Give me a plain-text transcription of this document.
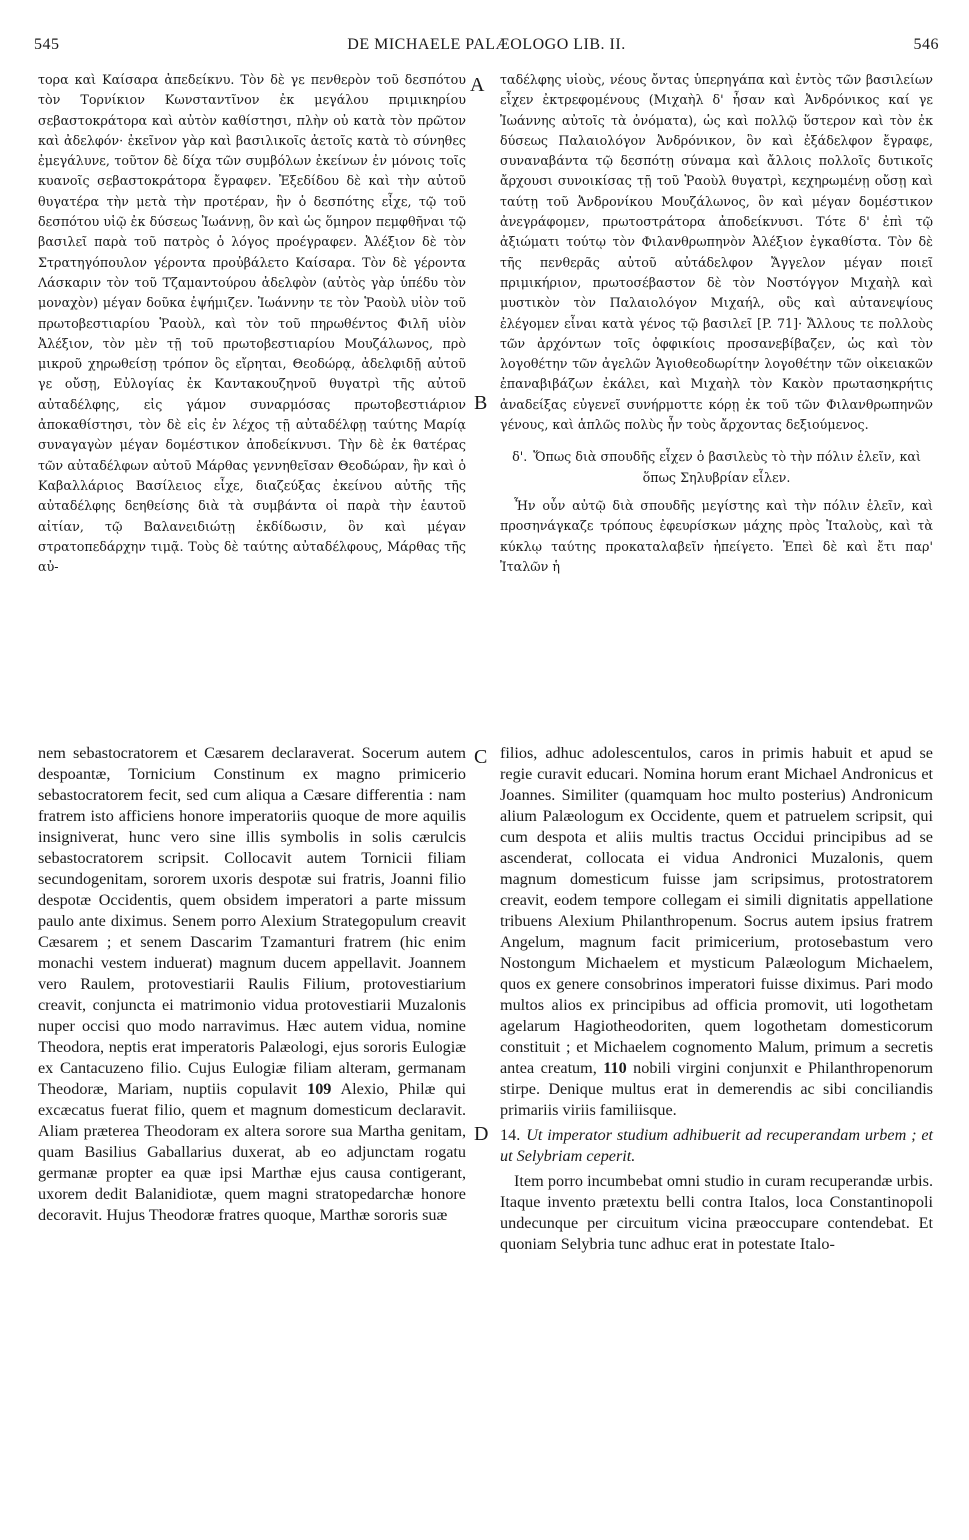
545	DE MICHAELE PALÆOLOGO LIB. II.	546
A
B
C
D

τορα καὶ Καίσαρα ἀπεδείκνυ. Τὸν δὲ γε πενθερὸν τοῦ δεσπότου τὸν Τορνίκιον Κωνσταντῖνον ἐκ μεγάλου πριμικηρίου σεβαστοκράτορα καὶ αὐτὸν καθίστησι, πλὴν οὐ κατὰ τὸν πρῶτον καὶ ἀδελφόν· ἐκεῖνον γὰρ καὶ βασιλικοῖς ἀετοῖς κατὰ τὸ σύνηθες ἐμεγάλυνε, τοῦτον δὲ δίχα τῶν συμβόλων ἐκείνων ἐν μόνοις τοῖς κυανοῖς σεβαστοκράτορα ἔγραφεν. Ἐξεδίδου δὲ καὶ τὴν αὐτοῦ θυγατέρα τὴν μετὰ τὴν προτέραν, ἣν ὁ δεσπότης εἶχε, τῷ τοῦ δεσπότου υἱῷ ἐκ δύσεως Ἰωάννῃ, ὃν καὶ ὡς ὅμηρον πεμφθῆναι τῷ βασιλεῖ παρὰ τοῦ πατρὸς ὁ λόγος προέγραφεν. Ἀλέξιον δὲ τὸν Στρατηγόπουλον γέροντα προὐβάλετο Καίσαρα. Τὸν δὲ γέροντα Λάσκαριν τὸν τοῦ Τζαμαντούρου ἀδελφὸν (αὐτὸς γὰρ ὑπέδυ τὸν μοναχὸν) μέγαν δοῦκα ἐψήμιζεν. Ἰωάννην τε τὸν Ῥαοὺλ υἱὸν τοῦ πρωτοβεστιαρίου Ῥαοὺλ, καὶ τὸν τοῦ πηρωθέντος Φιλῆ υἱὸν Ἀλέξιον, τὸν μὲν τῇ τοῦ πρωτοβεστιαρίου Μουζάλωνος, πρὸ μικροῦ χηρωθείσῃ τρόπον ὃς εἴρηται, Θεοδώρᾳ, ἀδελφιδῇ αὐτοῦ γε οὔσῃ, Εὐλογίας ἐκ Καντακουζηνοῦ θυγατρὶ τῆς αὐτοῦ αὐταδέλφης, εἰς γάμον συναρμόσας πρωτοβεστιάριον ἀποκαθίστησι, τὸν δὲ εἰς ἐν λέχος τῇ αὐταδέλφῃ ταύτης Μαρίᾳ συναγαγὼν μέγαν δομέστικον ἀποδείκνυσι. Τὴν δὲ ἐκ θατέρας τῶν αὐταδέλφων αὐτοῦ Μάρθας γεννηθεῖσαν Θεοδώραν, ἣν καὶ ὁ Καβαλλάριος Βασίλειος εἶχε, διαζεύξας ἐκείνου αὐτῆς τῆς αὐταδέλφης δεηθείσης διὰ τὰ συμβάντα οἱ παρὰ τὴν ἑαυτοῦ αἰτίαν, τῷ Βαλανειδιώτῃ ἐκδίδωσιν, ὃν καὶ μέγαν στρατοπεδάρχην τιμᾷ. Τοὺς δὲ ταύτης αὐταδέλφους, Μάρθας τῆς αὐ-

ταδέλφης υἱοὺς, νέους ὄντας ὑπερηγάπα καὶ ἐντὸς τῶν βασιλείων εἶχεν ἐκτρεφομένους (Μιχαὴλ δ' ἦσαν καὶ Ἀνδρόνικος καί γε Ἰωάννης αὐτοῖς τὰ ὀνόματα), ὡς καὶ πολλῷ ὕστερον καὶ τὸν ἐκ δύσεως Παλαιολόγον Ἀνδρόνικον, ὃν καὶ ἐξάδελφον ἔγραφε, συναναβάντα τῷ δεσπότῃ σύναμα καὶ ἄλλοις πολλοῖς δυτικοῖς ἄρχουσι συνοικίσας τῇ τοῦ Ῥαοὺλ θυγατρὶ, κεχηρωμένῃ οὔσῃ καὶ ταύτῃ τοῦ Ἀνδρονίκου Μουζάλωνος, ὃν καὶ μέγαν δομέστικον ἀνεγράφομεν, πρωτοστράτορα ἀποδείκνυσι. Τότε δ' ἐπὶ τῷ ἀξιώματι τούτῳ τὸν Φιλανθρωπηνὸν Ἀλέξιον ἐγκαθίστα. Τὸν δὲ τῆς πενθερᾶς αὐτοῦ αὐτάδελφον Ἄγγελον μέγαν ποιεῖ πριμικήριον, πρωτοσέβαστον δὲ τὸν Νοστόγγον Μιχαὴλ καὶ μυστικὸν τὸν Παλαιολόγον Μιχαήλ, οὓς καὶ αὐτανεψίους ἐλέγομεν εἶναι κατὰ γένος τῷ βασιλεῖ [P. 71]· Ἄλλους τε πολλοὺς τῶν ἀρχόντων τοῖς ὀφφικίοις προσανεβίβαζεν, ὡς καὶ τὸν λογοθέτην τῶν ἀγελῶν Ἁγιοθεοδωρίτην λογοθέτην τῶν οἰκειακῶν ἐπαναβιβάζων ἐκάλει, καὶ Μιχαὴλ τὸν Κακὸν πρωτασηκρήτις ἀναδείξας εὐγενεῖ συνήρμοττε κόρῃ ἐκ τοῦ τῶν Φιλανθρωπηνῶν γένους, καὶ ἁπλῶς πολὺς ἦν τοὺς ἄρχοντας δεξιούμενος.

δ'. Ὅπως διὰ σπουδῆς εἶχεν ὁ βασιλεὺς τὸ τὴν πόλιν ἑλεῖν, καὶ ὅπως Σηλυβρίαν εἷλεν.

Ἦν οὖν αὐτῷ διὰ σπουδῆς μεγίστης καὶ τὴν πόλιν ἑλεῖν, καὶ προσηνάγκαζε τρόπους ἐφευρίσκων μάχης πρὸς Ἰταλοὺς, καὶ τὰ κύκλῳ ταύτης προκαταλαβεῖν ἠπείγετο. Ἐπεὶ δὲ καὶ ἔτι παρ' Ἰταλῶν ἡ

nem sebastocratorem et Cæsarem declaraverat. Socerum autem despoantæ, Tornicium Constinum ex magno primicerio sebastocratorem fecit, sed cum aliqua a Cæsare differentia : nam fratrem isto afficiens honore imperatoriis quoque de more aquilis insigniverat, hunc vero sine illis symbolis in solis cærulcis sebastocratorem scripsit. Collocavit autem Tornicii filiam secundogenitam, sororem uxoris despotæ sui fratris, Joanni filio despotæ Occidentis, quem obsidem imperatori a parte missum paulo ante diximus. Senem porro Alexium Strategopulum creavit Cæsarem ; et senem Dascarim Tzamanturi fratrem (hic enim monachi vestem induerat) magnum ducem appellavit. Joannem vero Raulem, protovestiarii Raulis Filium, protovestiarium creavit, conjuncta ei matrimonio vidua protovestiarii Muzalonis nuper occisi quo modo narravimus. Hæc autem vidua, nomine Theodora, neptis erat imperatoris Palæologi, ejus sororis Eulogiæ ex Cantacuzeno filio. Cujus Eulogiæ filiam alteram, germanam Theodoræ, Mariam, nuptiis copulavit 109 Alexio, Philæ qui excæcatus fuerat filio, quem et magnum domesticum declaravit. Aliam præterea Theodoram ex altera sorore sua Martha genitam, quam Basilius Gaballarius duxerat, ab eo adjunctam rogatu germanæ propter ea quæ ipsi Marthæ ejus causa contigerant, uxorem dedit Balanidiotæ, quem magni stratopedarchæ honore decoravit. Hujus Theodoræ fratres quoque, Marthæ sororis suæ

filios, adhuc adolescentulos, caros in primis habuit et apud se regie curavit educari. Nomina horum erant Michael Andronicus et Joannes. Similiter (quamquam hoc multo posterius) Andronicum alium Palæologum ex Occidente, quem et patruelem scripsit, qui cum despota et aliis multis tractus Occidui principibus ad se ascenderat, collocata ei vidua Andronici Muzalonis, quem magnum domesticum fuisse jam scripsimus, protostratorem creavit, eodem tempore collegam ei simili dignitatis appellatione tribuens Alexium Philanthropenum. Socrus autem ipsius fratrem Angelum, magnum facit primicerium, protosebastum vero Nostongum Michaelem et mysticum Palæologum Michaelem, quos ex genere consobrinos imperatori fuisse diximus. Pari modo multos alios ex principibus ad officia promovit, uti logothetam agelarum Hagiotheodoriten, quem logothetam domesticorum constituit ; et Michaelem cognomento Malum, primum a secretis antea creatum, 110 nobili virgini conjunxit e Philanthropenorum stirpe. Denique multus erat in demerendis ac sibi conciliandis primariis viriis familiisque.

14. Ut imperator studium adhibuerit ad recuperandam urbem ; et ut Selybriam ceperit.

Item porro incumbebat omni studio in curam recuperandæ urbis. Itaque invento prætextu belli contra Italos, loca Constantinopoli undecunque per circuitum vicina præoccupare contendebat. Et quoniam Selybria tunc adhuc erat in potestate Italo-
